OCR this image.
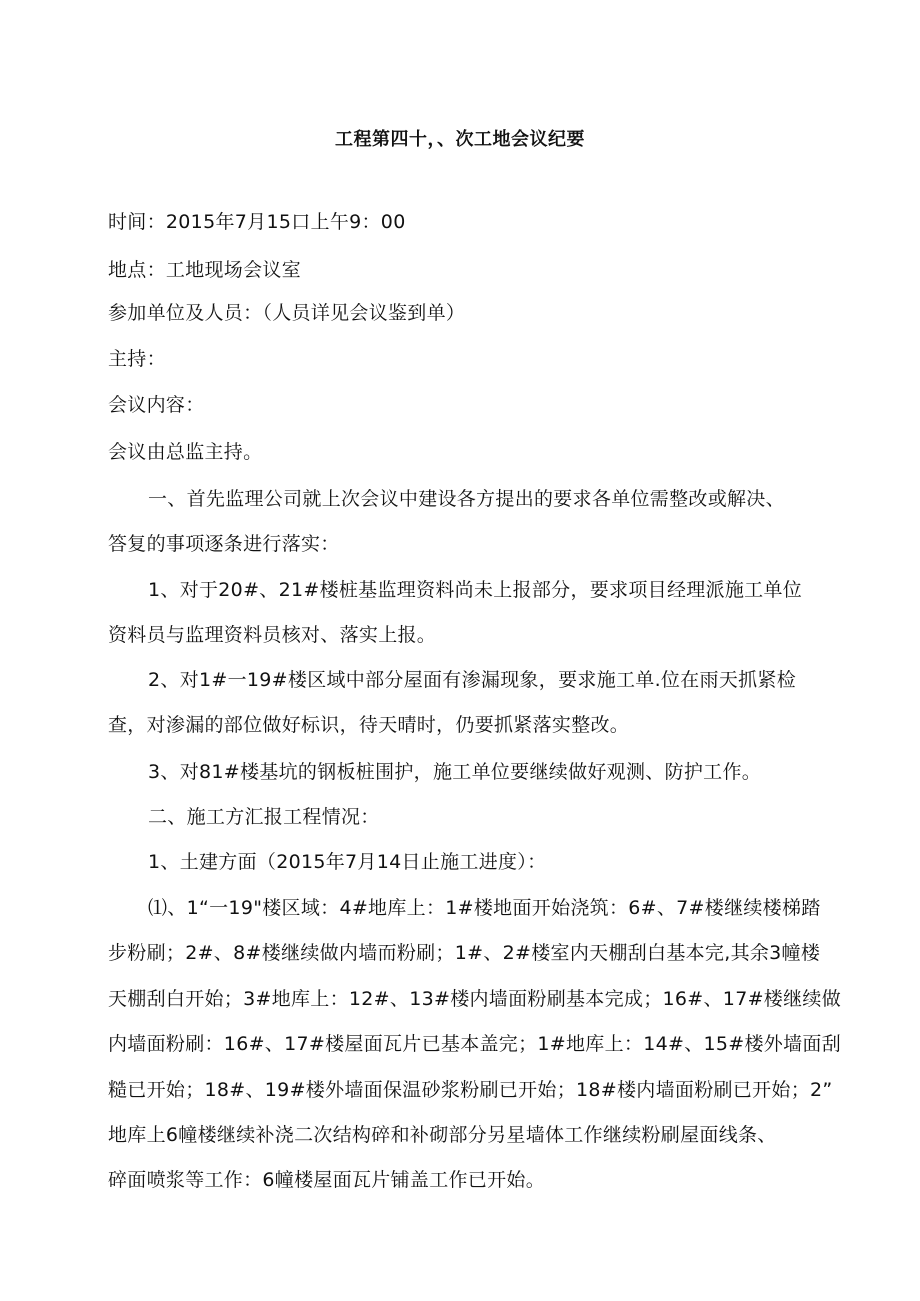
工程第四十，、次工地会议纪要
时间：2015年7月15口上午9：00
地点：工地现场会议室
参加单位及人员：（人员详见会议鉴到单）
主持：
会议内容：
会议由总监主持。
一、首先监理公司就上次会议中建设各方提出的要求各单位需整改或解决、
答复的事项逐条进行落实：
1、对于20#、21#楼桩基监理资料尚未上报部分，要求项目经理派施工单位
资料员与监理资料员核对、落实上报。
2、对1#一19#楼区域中部分屋面有渗漏现象，要求施工单.位在雨天抓紧检
查，对渗漏的部位做好标识，待天晴时，仍要抓紧落实整改。
3、对81#楼基坑的钢板桩围护，施工单位要继续做好观测、防护工作。
二、施工方汇报工程情况：
1、土建方面（2015年7月14日止施工进度）：
⑴、1“一19"楼区域：4#地库上：1#楼地面开始浇筑：6#、7#楼继续楼梯踏
步粉刷；2#、8#楼继续做内墙而粉刷；1#、2#楼室内天棚刮白基本完,其余3幢楼
天棚刮白开始；3#地库上：12#、13#楼内墙面粉刷基本完成；16#、17#楼继续做
内墙面粉刷：16#、17#楼屋面瓦片已基本盖完；1#地库上：14#、15#楼外墙面刮
糙已开始；18#、19#楼外墙面保温砂浆粉刷已开始；18#楼内墙面粉刷已开始；2”
地库上6幢楼继续补浇二次结构碎和补砌部分另星墙体工作继续粉刷屋面线条、
碎面喷浆等工作：6幢楼屋面瓦片铺盖工作已开始。
